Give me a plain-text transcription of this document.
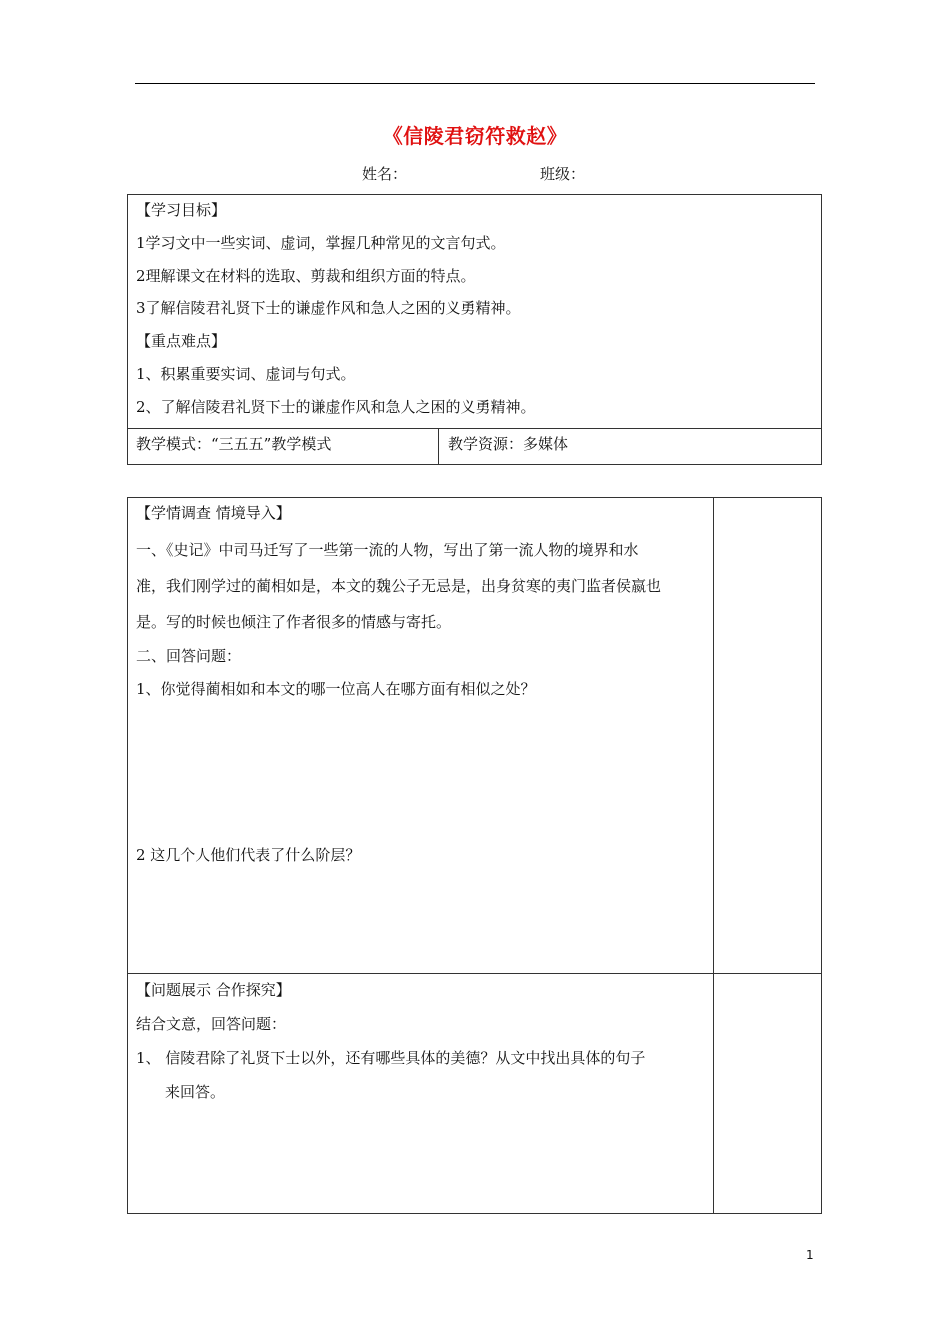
《信陵君窃符救赵》
姓名：	班级：
【学习目标】
1学习文中一些实词、虚词，掌握几种常见的文言句式。
2理解课文在材料的选取、剪裁和组织方面的特点。
3了解信陵君礼贤下士的谦虚作风和急人之困的义勇精神。
【重点难点】
1、积累重要实词、虚词与句式。
2、了解信陵君礼贤下士的谦虚作风和急人之困的义勇精神。
教学模式：“三五五”教学模式	教学资源：多媒体
【学情调查 情境导入】
一、《史记》中司马迁写了一些第一流的人物，写出了第一流人物的境界和水
准，我们刚学过的蔺相如是，本文的魏公子无忌是，出身贫寒的夷门监者侯嬴也
是。写的时候也倾注了作者很多的情感与寄托。
二、回答问题：
1、你觉得蔺相如和本文的哪一位高人在哪方面有相似之处？
2 这几个人他们代表了什么阶层？
【问题展示 合作探究】
结合文意，回答问题：
1、 信陵君除了礼贤下士以外，还有哪些具体的美德？从文中找出具体的句子
来回答。
1
